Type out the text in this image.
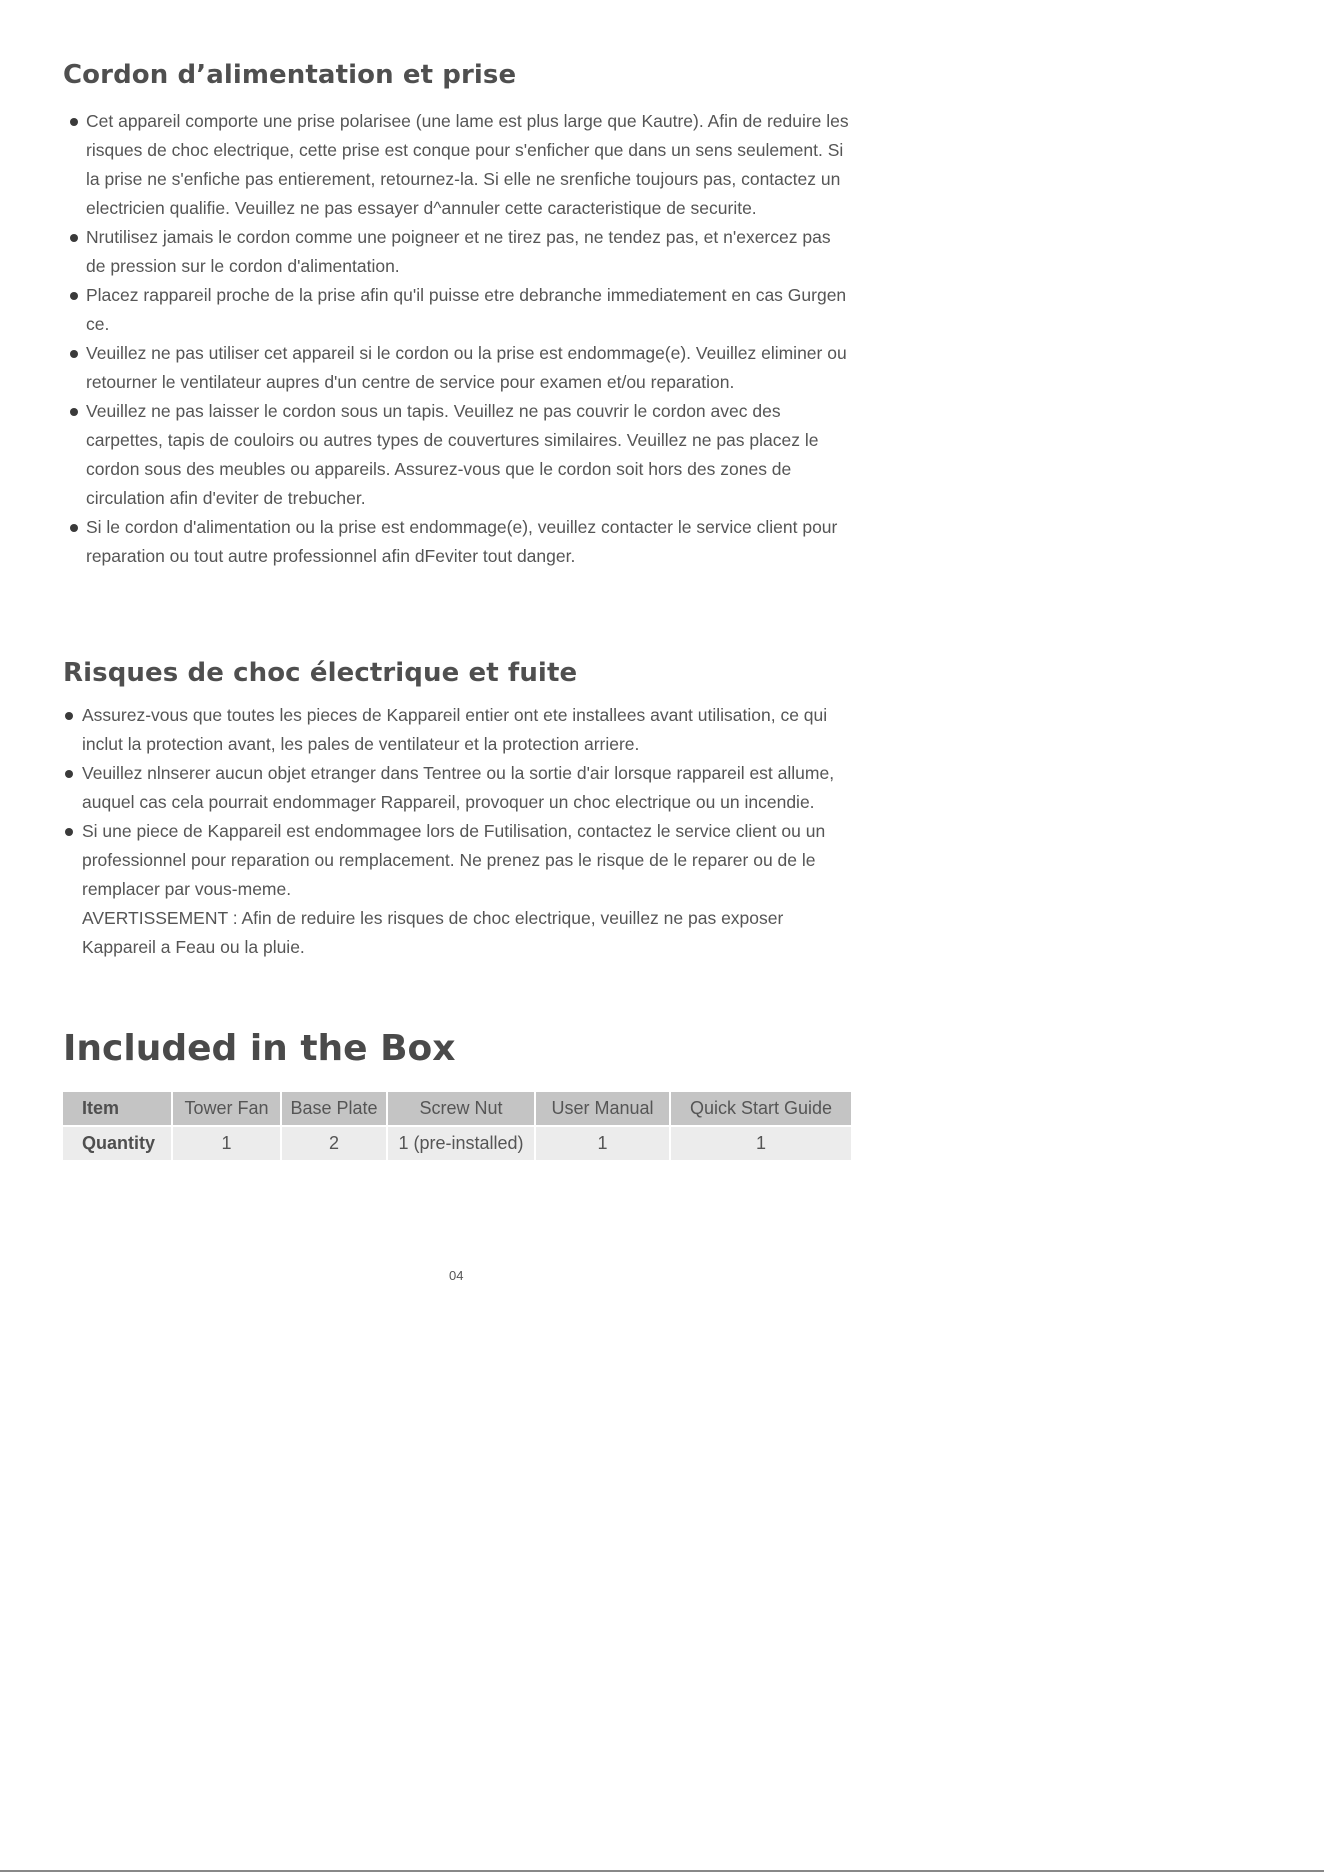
Cordon d’alimentation et prise
Cet appareil comporte une prise polarisee (une lame est plus large que Kautre). Afin de reduire les risques de choc electrique, cette prise est conque pour s'enficher que dans un sens seulement. Si la prise ne s'enfiche pas entierement, retournez-la. Si elle ne srenfiche toujours pas, contactez un electricien qualifie. Veuillez ne pas essayer d^annuler cette caracteristique de securite.
Nrutilisez jamais le cordon comme une poigneer et ne tirez pas, ne tendez pas, et n'exercez pas de pression sur le cordon d'alimentation.
Placez rappareil proche de la prise afin qu'il puisse etre debranche immediatement en cas Gurgen ce.
Veuillez ne pas utiliser cet appareil si le cordon ou la prise est endommage(e). Veuillez eliminer ou retourner le ventilateur aupres d'un centre de service pour examen et/ou reparation.
Veuillez ne pas laisser le cordon sous un tapis. Veuillez ne pas couvrir le cordon avec des carpettes, tapis de couloirs ou autres types de couvertures similaires. Veuillez ne pas placez le cordon sous des meubles ou appareils. Assurez-vous que le cordon soit hors des zones de circulation afin d'eviter de trebucher.
Si le cordon d'alimentation ou la prise est endommage(e), veuillez contacter le service client pour reparation ou tout autre professionnel afin dFeviter tout danger.
Risques de choc électrique et fuite
Assurez-vous que toutes les pieces de Kappareil entier ont ete installees avant utilisation, ce qui inclut la protection avant, les pales de ventilateur et la protection arriere.
Veuillez nlnserer aucun objet etranger dans Tentree ou la sortie d'air lorsque rappareil est allume, auquel cas cela pourrait endommager Rappareil, provoquer un choc electrique ou un incendie.
Si une piece de Kappareil est endommagee lors de Futilisation, contactez le service client ou un professionnel pour reparation ou remplacement. Ne prenez pas le risque de le reparer ou de le remplacer par vous-meme.
AVERTISSEMENT : Afin de reduire les risques de choc electrique, veuillez ne pas exposer Kappareil a Feau ou la pluie.
Included in the Box
Item	Tower Fan	Base Plate	Screw Nut	User Manual	Quick Start Guide
Quantity	1	2	1 (pre-installed)	1	1
04
